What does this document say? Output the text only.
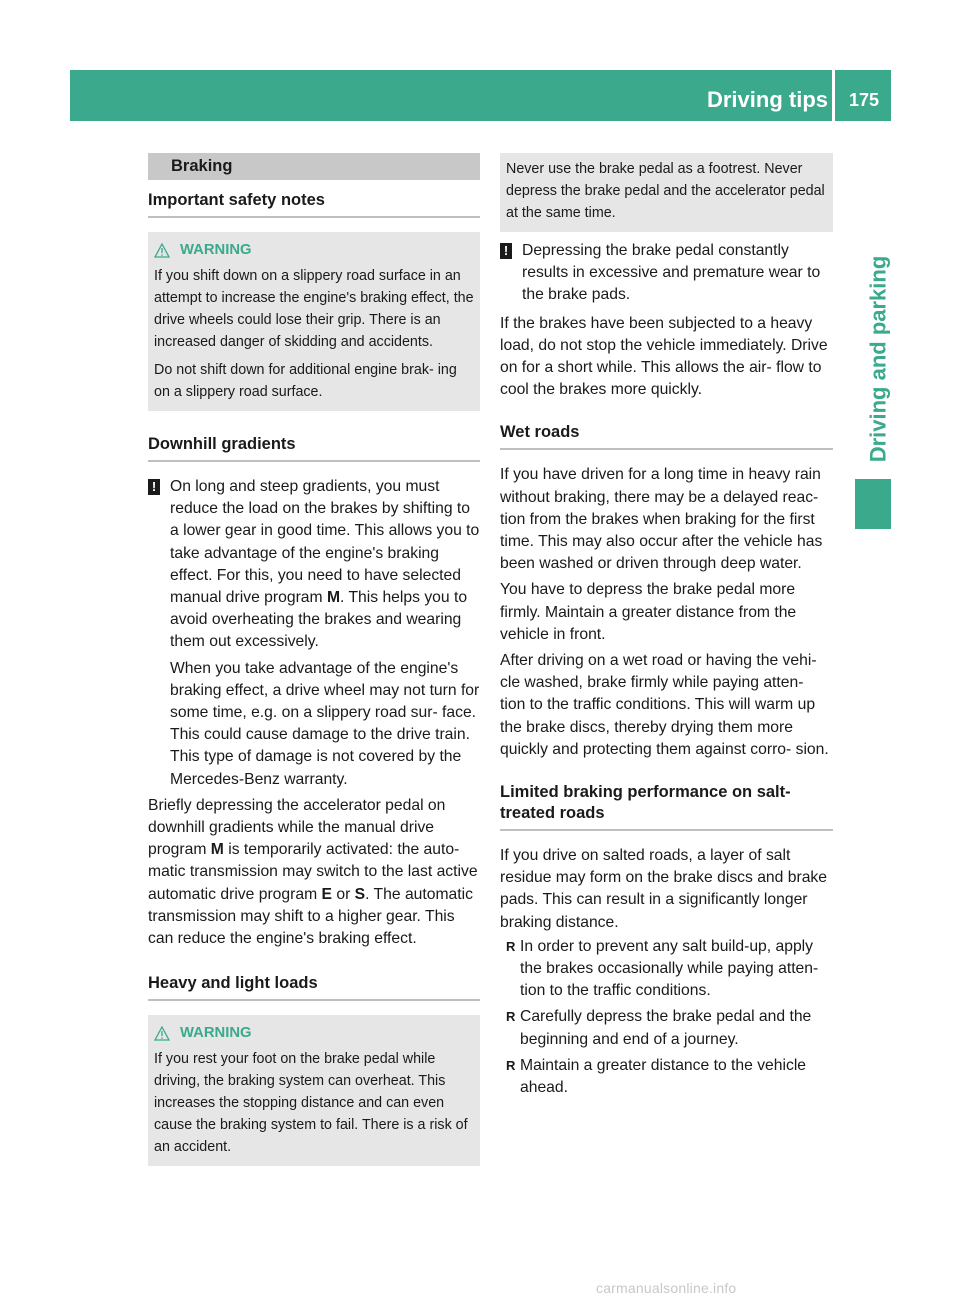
Driving tips	175
Driving and parking
Braking
Important safety notes
WARNING

If you shift down on a slippery road surface in an attempt to increase the engine's braking effect, the drive wheels could lose their grip. There is an increased danger of skidding and accidents.

Do not shift down for additional engine brak- ing on a slippery road surface.

Downhill gradients
! On long and steep gradients, you must reduce the load on the brakes by shifting to a lower gear in good time. This allows you to take advantage of the engine's braking effect. For this, you need to have selected manual drive program M. This helps you to avoid overheating the brakes and wearing them out excessively.

When you take advantage of the engine's braking effect, a drive wheel may not turn for some time, e.g. on a slippery road sur- face. This could cause damage to the drive train. This type of damage is not covered by the Mercedes-Benz warranty.

Briefly depressing the accelerator pedal on downhill gradients while the manual drive program M is temporarily activated: the auto- matic transmission may switch to the last active automatic drive program E or S. The automatic transmission may shift to a higher gear. This can reduce the engine's braking effect.

Heavy and light loads
WARNING

If you rest your foot on the brake pedal while driving, the braking system can overheat. This increases the stopping distance and can even cause the braking system to fail. There is a risk of an accident.

Never use the brake pedal as a footrest. Never depress the brake pedal and the accelerator pedal at the same time.

! Depressing the brake pedal constantly results in excessive and premature wear to the brake pads.

If the brakes have been subjected to a heavy load, do not stop the vehicle immediately. Drive on for a short while. This allows the air- flow to cool the brakes more quickly.

Wet roads

If you have driven for a long time in heavy rain without braking, there may be a delayed reac- tion from the brakes when braking for the first time. This may also occur after the vehicle has been washed or driven through deep water.

You have to depress the brake pedal more firmly. Maintain a greater distance from the vehicle in front.

After driving on a wet road or having the vehi- cle washed, brake firmly while paying atten- tion to the traffic conditions. This will warm up the brake discs, thereby drying them more quickly and protecting them against corro- sion.

Limited braking performance on salt- treated roads

If you drive on salted roads, a layer of salt residue may form on the brake discs and brake pads. This can result in a significantly longer braking distance.

R In order to prevent any salt build-up, apply the brakes occasionally while paying atten- tion to the traffic conditions.
R Carefully depress the brake pedal and the beginning and end of a journey.
R Maintain a greater distance to the vehicle ahead.
carmanualsonline.info
